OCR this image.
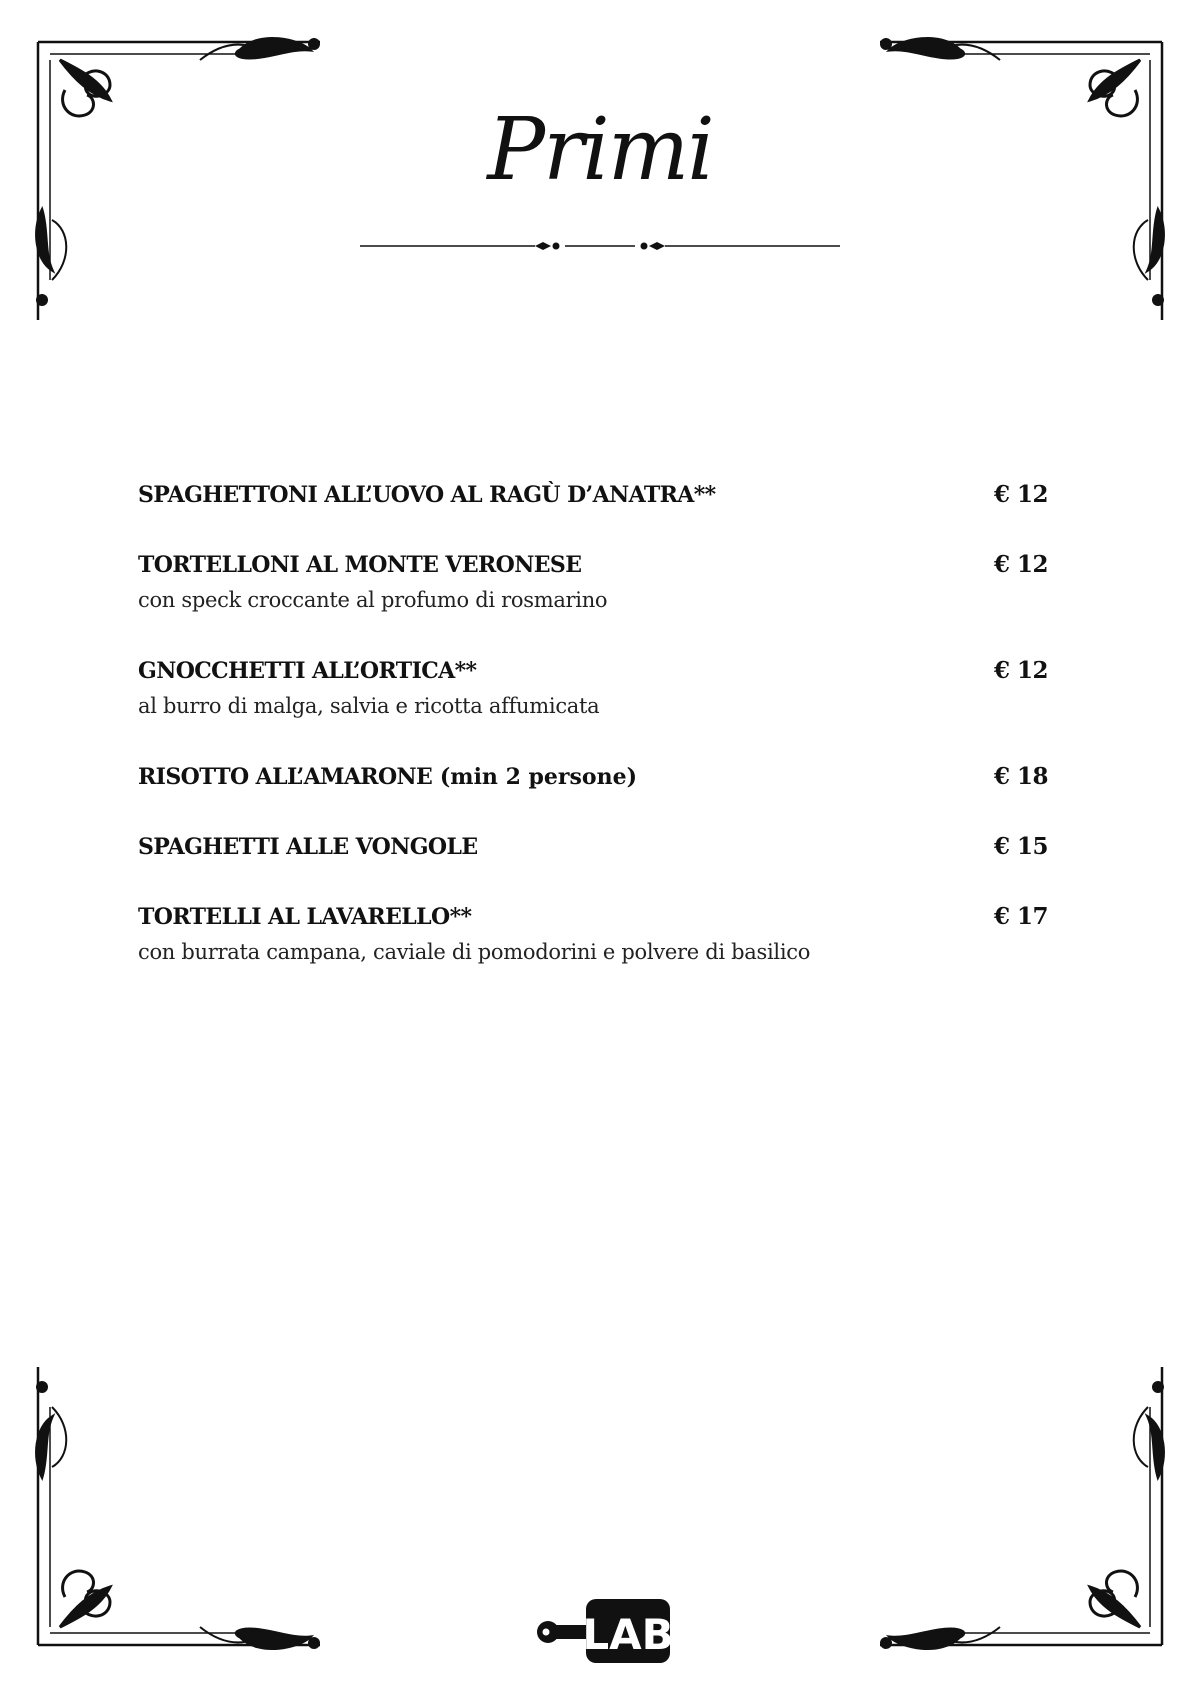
Primi
SPAGHETTONI ALL’UOVO AL RAGÙ D’ANATRA**	€ 12
TORTELLONI AL MONTE VERONESE	€ 12
con speck croccante al profumo di rosmarino
GNOCCHETTI ALL’ORTICA**	€ 12
al burro di malga, salvia e ricotta affumicata
RISOTTO ALL’AMARONE (min 2 persone)	€ 18
SPAGHETTI ALLE VONGOLE	€ 15
TORTELLI AL LAVARELLO**	€ 17
con burrata campana, caviale di pomodorini e polvere di basilico
LAB
